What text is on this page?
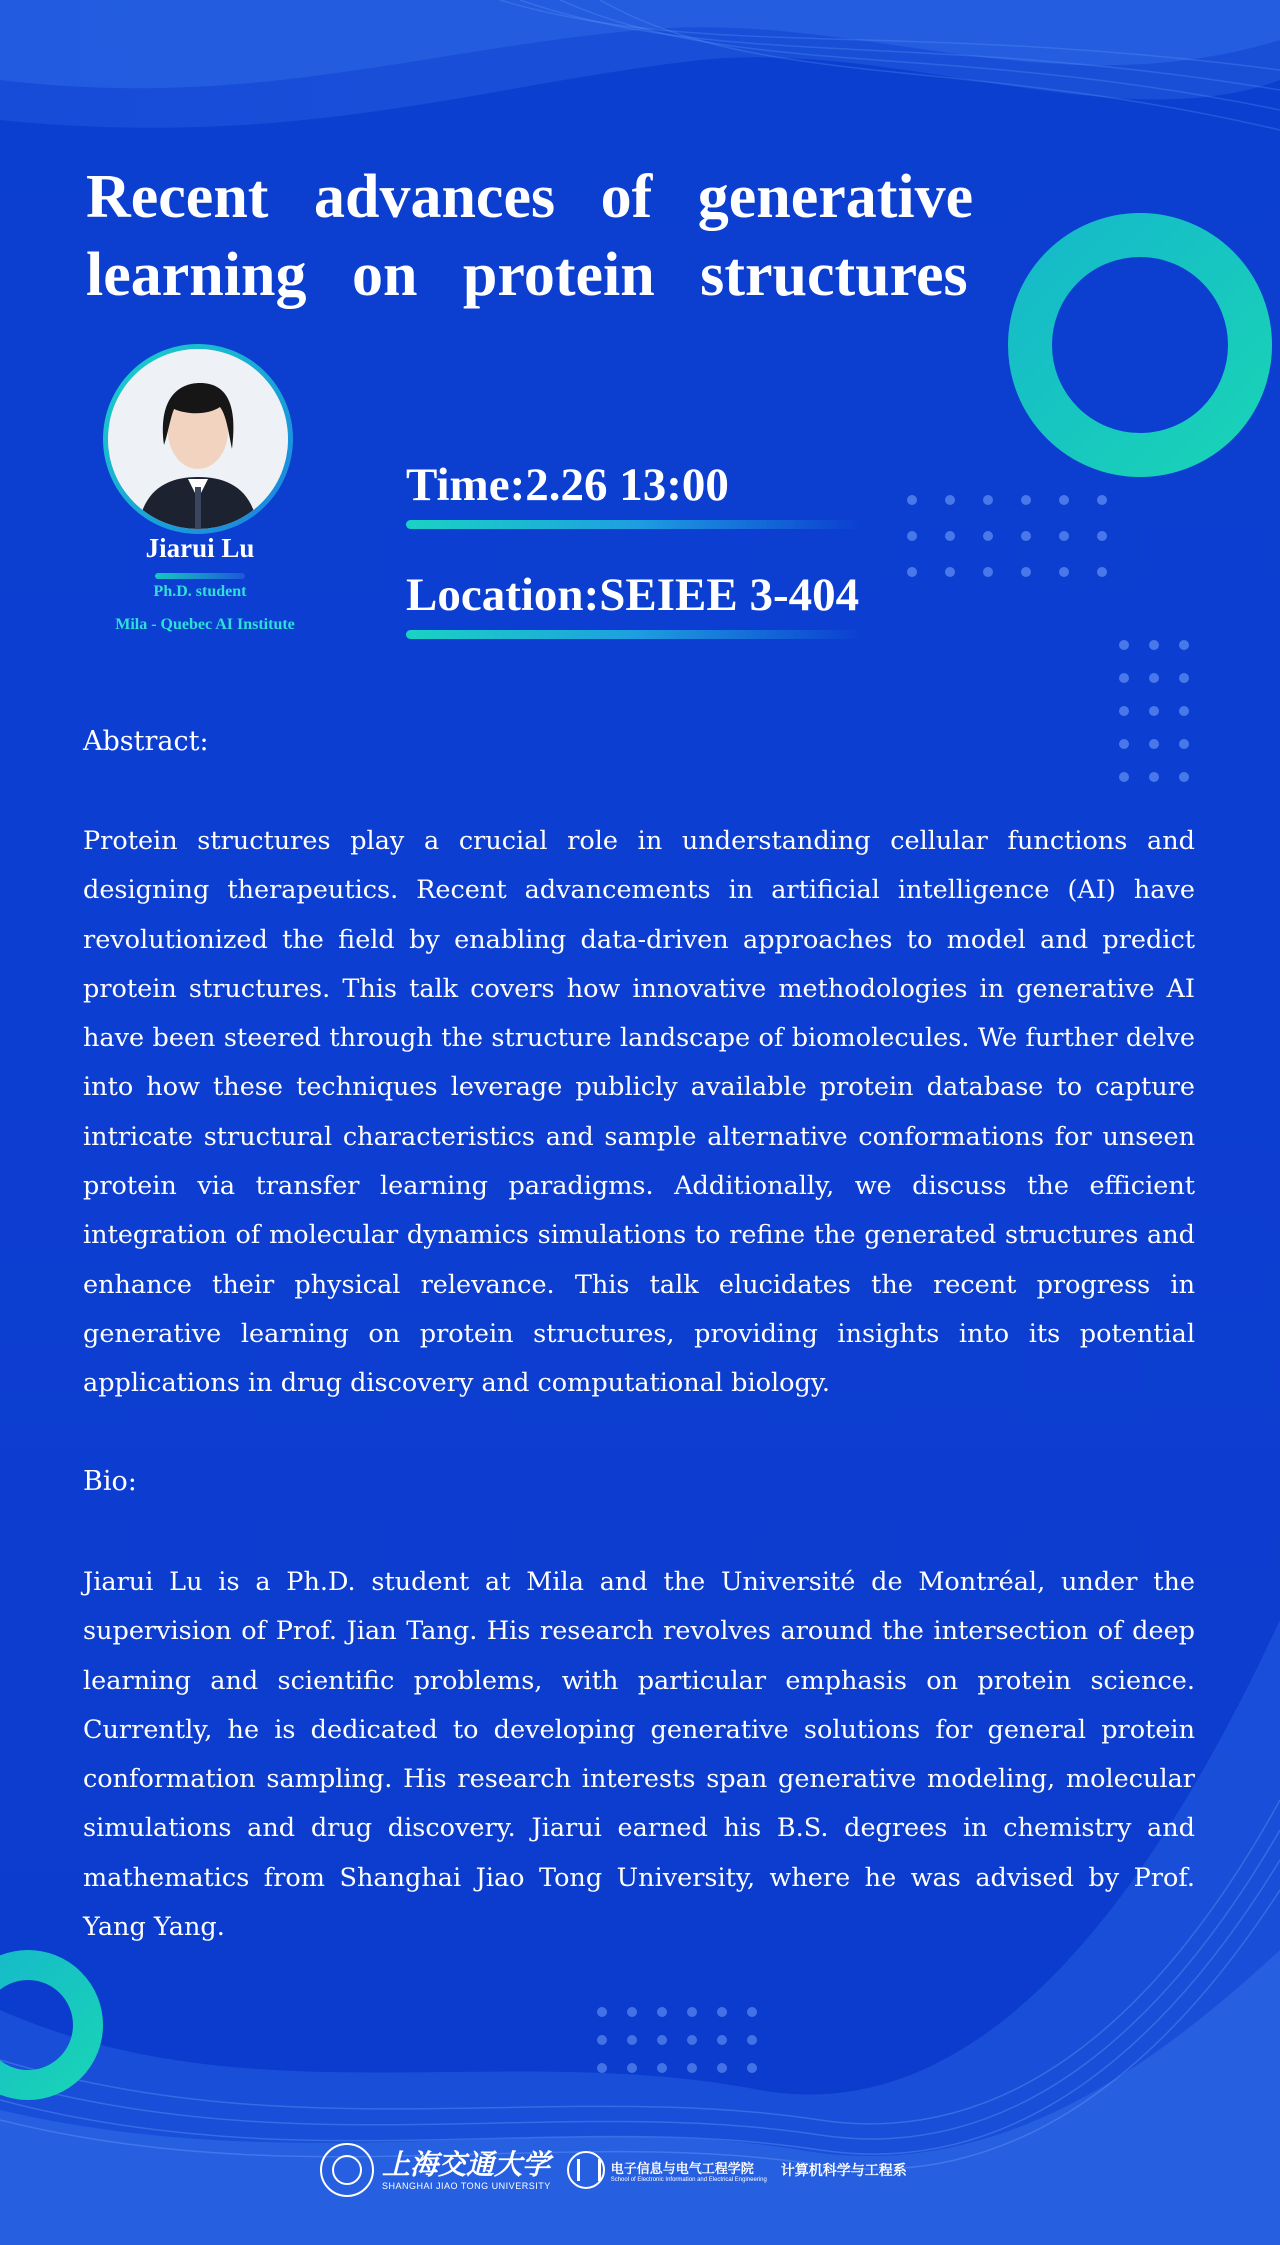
Recent advances of generative
learning on protein structures
Jiarui Lu
Ph.D. student
Mila - Quebec AI Institute
Time:2.26 13:00
Location:SEIEE 3-404
Abstract:
Protein structures play a crucial role in understanding cellular functions and designing therapeutics. Recent advancements in artificial intelligence (AI) have revolutionized the field by enabling data-driven approaches to model and predict protein structures. This talk covers how innovative methodologies in generative AI have been steered through the structure landscape of biomolecules. We further delve into how these techniques leverage publicly available protein database to capture intricate structural characteristics and sample alternative conformations for unseen protein via transfer learning paradigms. Additionally, we discuss the efficient integration of molecular dynamics simulations to refine the generated structures and enhance their physical relevance. This talk elucidates the recent progress in generative learning on protein structures, providing insights into its potential applications in drug discovery and computational biology.
Bio:
Jiarui Lu is a Ph.D. student at Mila and the Université de Montréal, under the supervision of Prof. Jian Tang. His research revolves around the intersection of deep learning and scientific problems, with particular emphasis on protein science. Currently, he is dedicated to developing generative solutions for general protein conformation sampling. His research interests span generative modeling, molecular simulations and drug discovery. Jiarui earned his B.S. degrees in chemistry and mathematics from Shanghai Jiao Tong University, where he was advised by Prof. Yang Yang.
上海交通大学
SHANGHAI JIAO TONG UNIVERSITY
电子信息与电气工程学院
School of Electronic Information and Electrical Engineering
计算机科学与工程系
